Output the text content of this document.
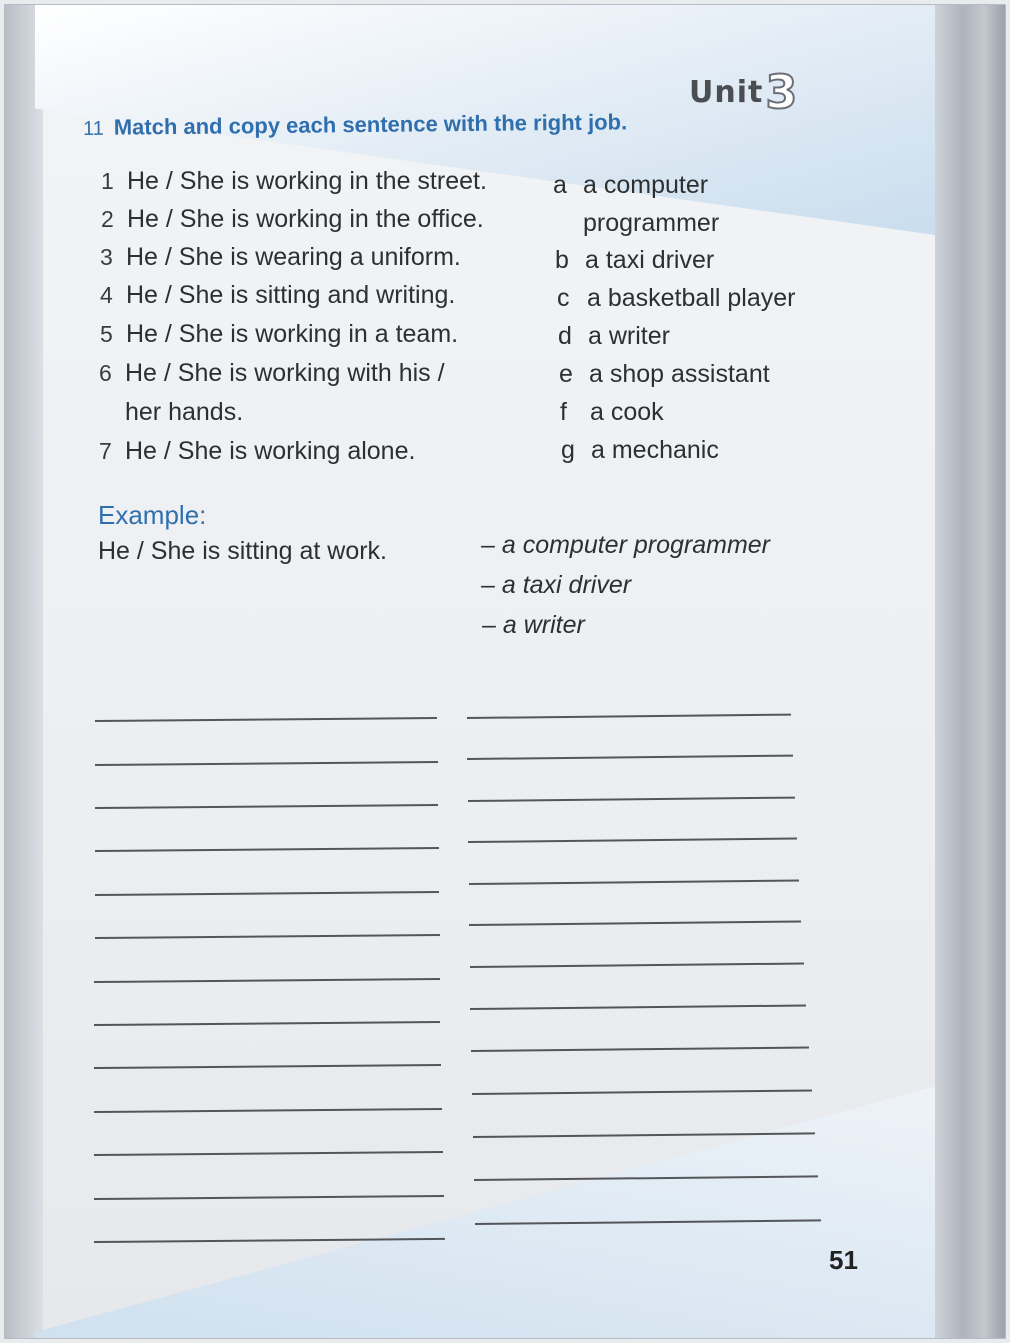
Unit3
11 Match and copy each sentence with the right job.
1 He / She is working in the street.
2 He / She is working in the office.
3 He / She is wearing a uniform.
4 He / She is sitting and writing.
5 He / She is working in a team.
6 He / She is working with his /
her hands.
7 He / She is working alone.
a a computer
programmer
b a taxi driver
c a basketball player
d a writer
e a shop assistant
f a cook
g a mechanic
Example:
He / She is sitting at work.	– a computer programmer
– a taxi driver
– a writer
51
